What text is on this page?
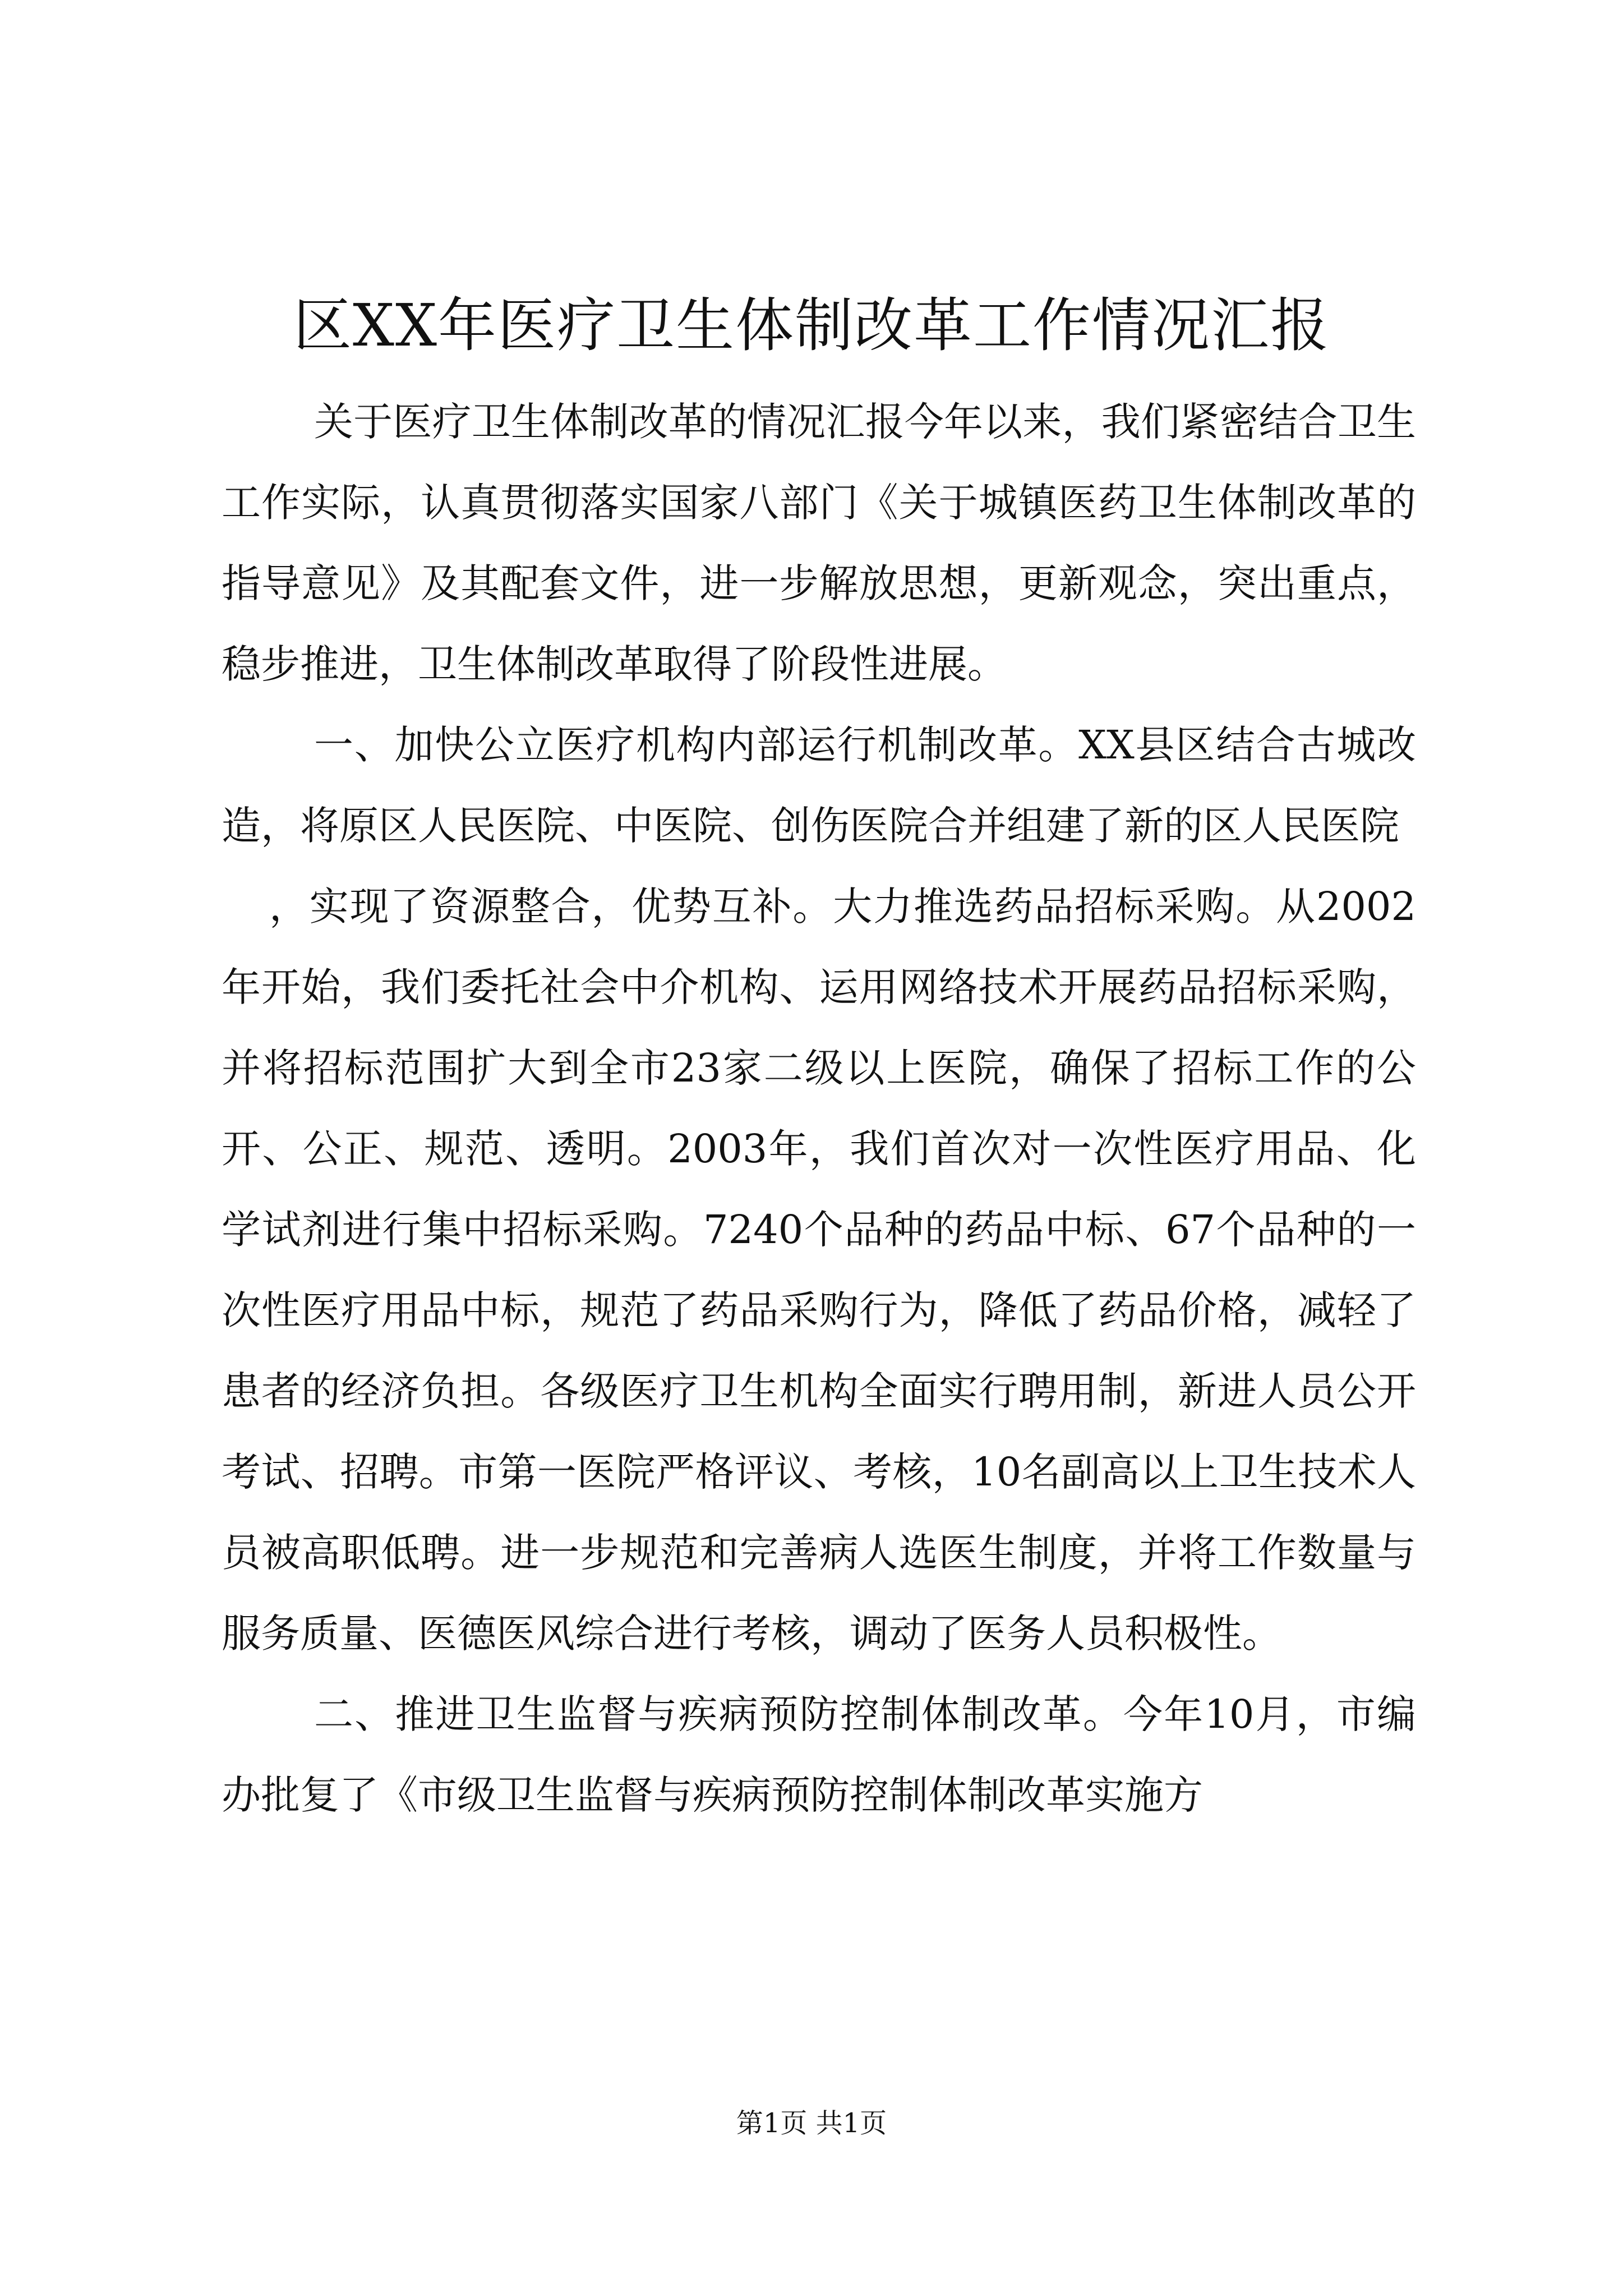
区XX年医疗卫生体制改革工作情况汇报

关于医疗卫生体制改革的情况汇报今年以来，我们紧密结合卫生工作实际，认真贯彻落实国家八部门《关于城镇医药卫生体制改革的指导意见》及其配套文件，进一步解放思想，更新观念，突出重点，稳步推进，卫生体制改革取得了阶段性进展。

一、加快公立医疗机构内部运行机制改革。XX县区结合古城改造，将原区人民医院、中医院、创伤医院合并组建了新的区人民医院

，实现了资源整合，优势互补。大力推选药品招标采购。从2002年开始，我们委托社会中介机构、运用网络技术开展药品招标采购，并将招标范围扩大到全市23家二级以上医院，确保了招标工作的公开、公正、规范、透明。2003年，我们首次对一次性医疗用品、化学试剂进行集中招标采购。7240个品种的药品中标、67个品种的一次性医疗用品中标，规范了药品采购行为，降低了药品价格，减轻了患者的经济负担。各级医疗卫生机构全面实行聘用制，新进人员公开考试、招聘。市第一医院严格评议、考核，10名副高以上卫生技术人员被高职低聘。进一步规范和完善病人选医生制度，并将工作数量与服务质量、医德医风综合进行考核，调动了医务人员积极性。

二、推进卫生监督与疾病预防控制体制改革。今年10月，市编办批复了《市级卫生监督与疾病预防控制体制改革实施方

第1页 共1页
